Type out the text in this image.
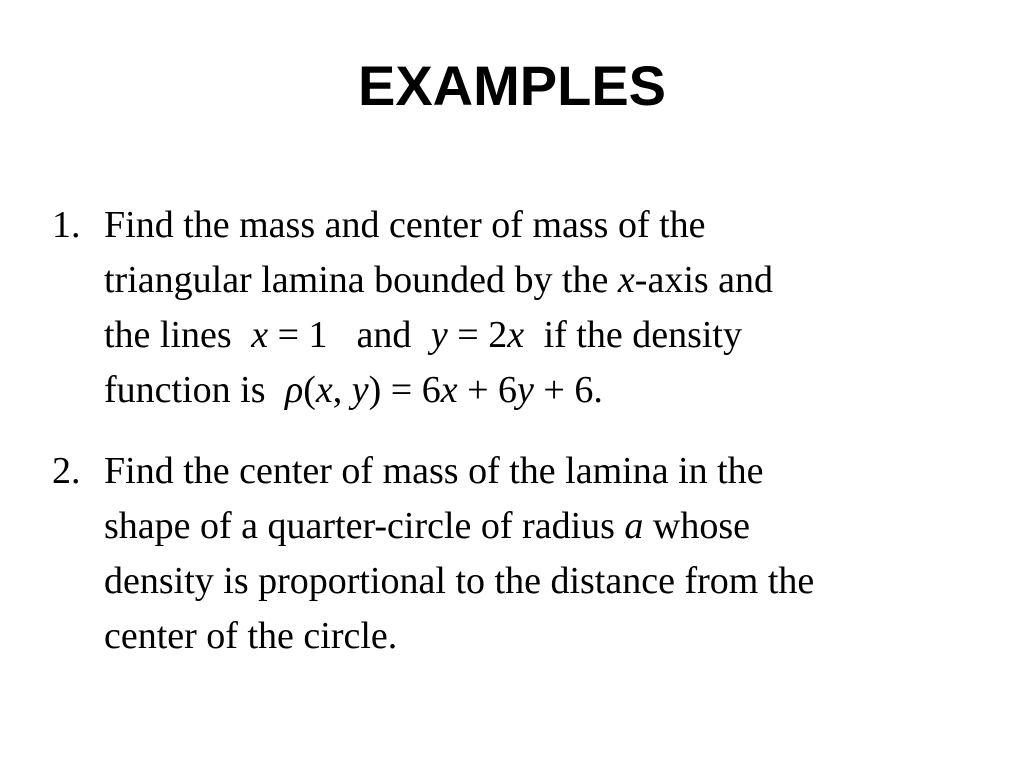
EXAMPLES
1. Find the mass and center of mass of the
triangular lamina bounded by the x-axis and
the lines x = 1  and y = 2x if the density
function is ρ(x, y) = 6x + 6y + 6.
2. Find the center of mass of the lamina in the
shape of a quarter-circle of radius a whose
density is proportional to the distance from the
center of the circle.
